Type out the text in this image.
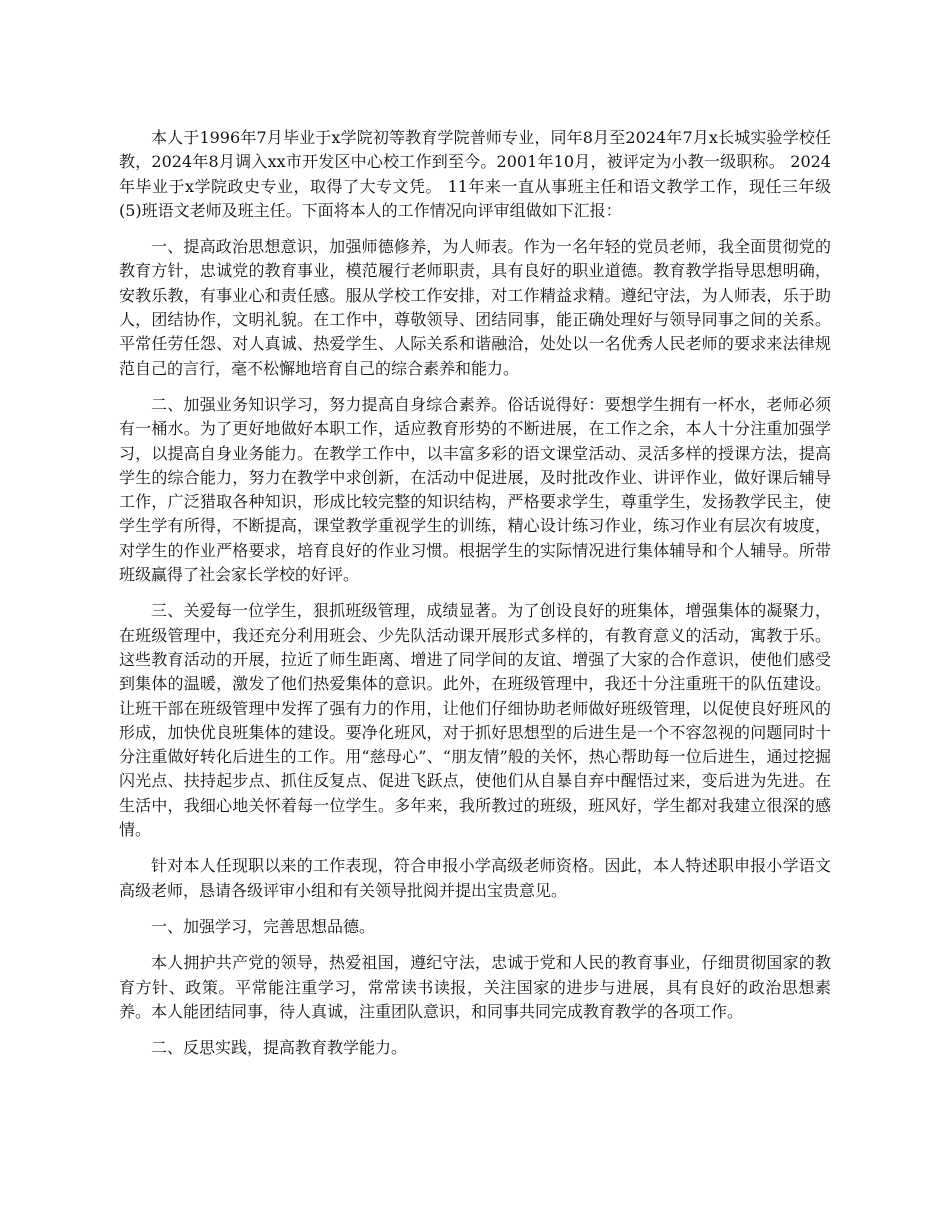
本人于1996年7月毕业于x学院初等教育学院普师专业，同年8月至2024年7月x长城实验学校任教，2024年8月调入xx市开发区中心校工作到至今。2001年10月，被评定为小教一级职称。 2024年毕业于x学院政史专业，取得了大专文凭。 11年来一直从事班主任和语文教学工作，现任三年级(5)班语文老师及班主任。下面将本人的工作情况向评审组做如下汇报：

一、提高政治思想意识，加强师德修养，为人师表。作为一名年轻的党员老师，我全面贯彻党的教育方针，忠诚党的教育事业，模范履行老师职责，具有良好的职业道德。教育教学指导思想明确，安教乐教，有事业心和责任感。服从学校工作安排，对工作精益求精。遵纪守法，为人师表，乐于助人，团结协作，文明礼貌。在工作中，尊敬领导、团结同事，能正确处理好与领导同事之间的关系。平常任劳任怨、对人真诚、热爱学生、人际关系和谐融洽，处处以一名优秀人民老师的要求来法律规范自己的言行，毫不松懈地培育自己的综合素养和能力。

二、加强业务知识学习，努力提高自身综合素养。俗话说得好：要想学生拥有一杯水，老师必须有一桶水。为了更好地做好本职工作，适应教育形势的不断进展，在工作之余，本人十分注重加强学习，以提高自身业务能力。在教学工作中，以丰富多彩的语文课堂活动、灵活多样的授课方法，提高学生的综合能力，努力在教学中求创新，在活动中促进展，及时批改作业、讲评作业，做好课后辅导工作，广泛猎取各种知识，形成比较完整的知识结构，严格要求学生，尊重学生，发扬教学民主，使学生学有所得，不断提高，课堂教学重视学生的训练，精心设计练习作业，练习作业有层次有坡度，对学生的作业严格要求，培育良好的作业习惯。根据学生的实际情况进行集体辅导和个人辅导。所带班级赢得了社会家长学校的好评。

三、关爱每一位学生，狠抓班级管理，成绩显著。为了创设良好的班集体，增强集体的凝聚力，在班级管理中，我还充分利用班会、少先队活动课开展形式多样的，有教育意义的活动，寓教于乐。这些教育活动的开展，拉近了师生距离、增进了同学间的友谊、增强了大家的合作意识，使他们感受到集体的温暖，激发了他们热爱集体的意识。此外，在班级管理中，我还十分注重班干的队伍建设。让班干部在班级管理中发挥了强有力的作用，让他们仔细协助老师做好班级管理，以促使良好班风的形成，加快优良班集体的建设。要净化班风，对于抓好思想型的后进生是一个不容忽视的问题同时十分注重做好转化后进生的工作。用“慈母心”、“朋友情”般的关怀，热心帮助每一位后进生，通过挖掘闪光点、扶持起步点、抓住反复点、促进飞跃点，使他们从自暴自弃中醒悟过来，变后进为先进。在生活中，我细心地关怀着每一位学生。多年来，我所教过的班级，班风好，学生都对我建立很深的感情。

针对本人任现职以来的工作表现，符合申报小学高级老师资格。因此，本人特述职申报小学语文高级老师，恳请各级评审小组和有关领导批阅并提出宝贵意见。

一、加强学习，完善思想品德。

本人拥护共产党的领导，热爱祖国，遵纪守法，忠诚于党和人民的教育事业，仔细贯彻国家的教育方针、政策。平常能注重学习，常常读书读报，关注国家的进步与进展，具有良好的政治思想素养。本人能团结同事，待人真诚，注重团队意识，和同事共同完成教育教学的各项工作。

二、反思实践，提高教育教学能力。
